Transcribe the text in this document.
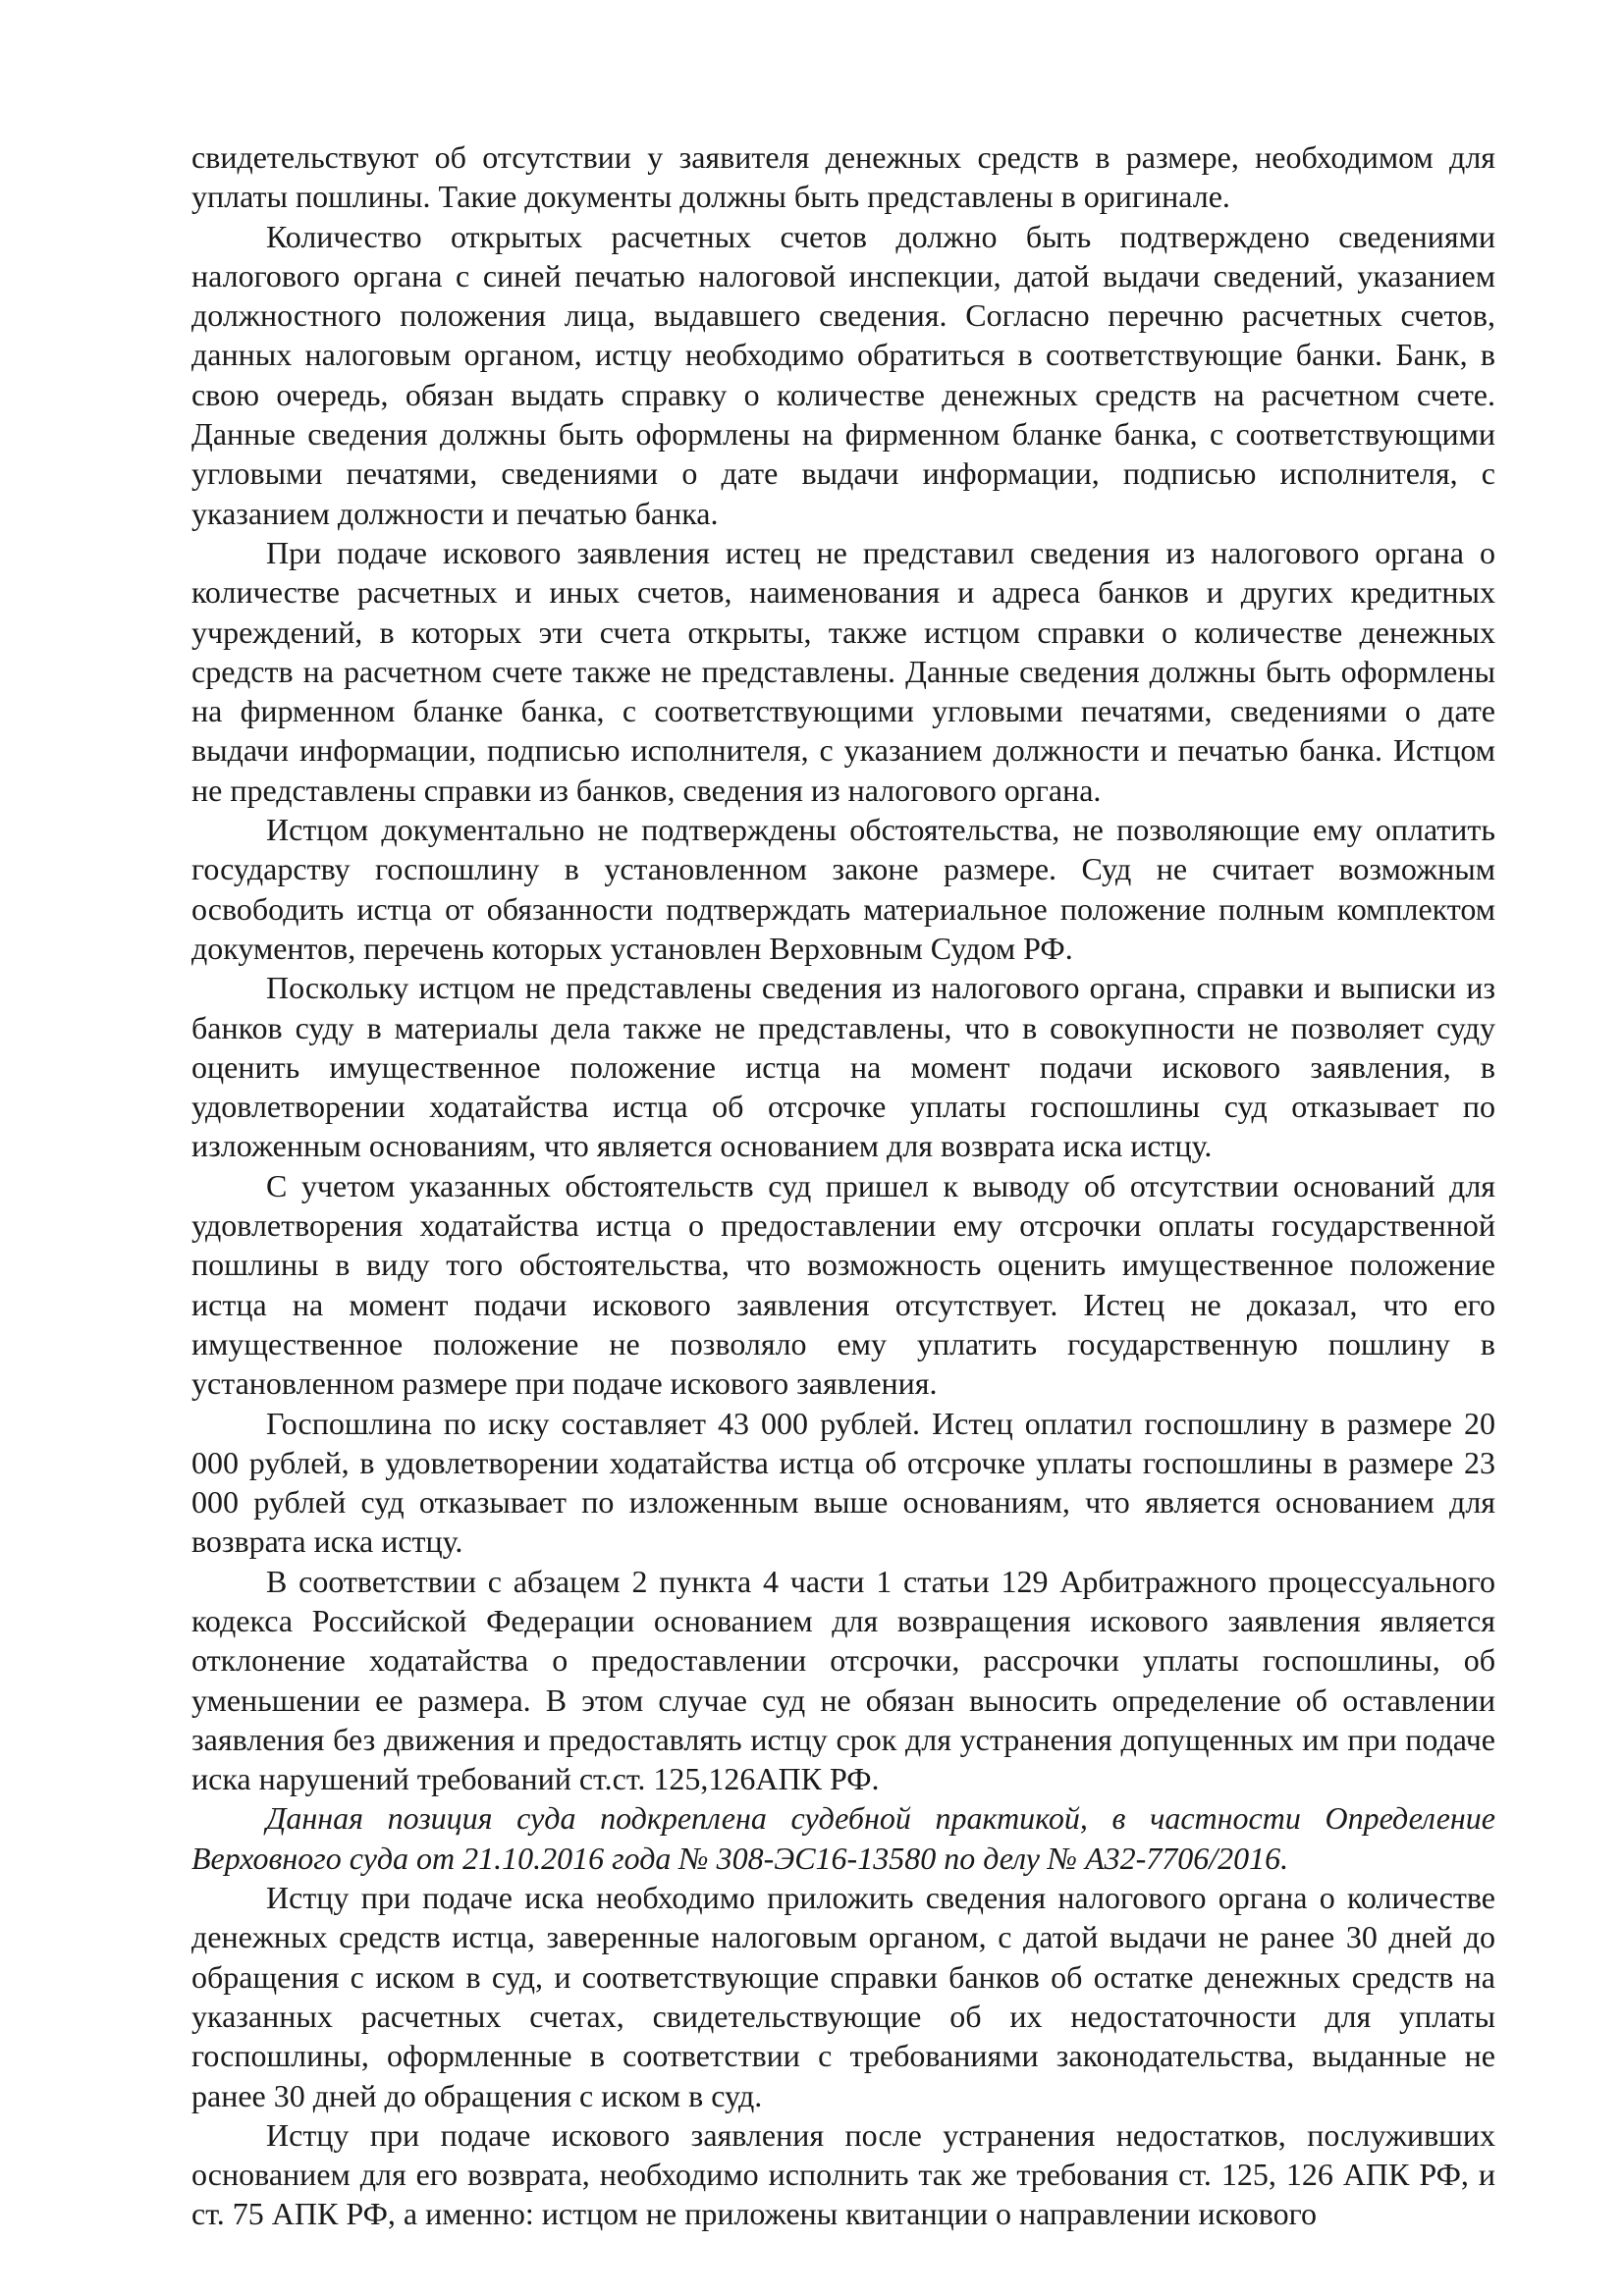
свидетельствуют об отсутствии у заявителя денежных средств в размере, необходимом для уплаты пошлины. Такие документы должны быть представлены в оригинале.

Количество открытых расчетных счетов должно быть подтверждено сведениями налогового органа с синей печатью налоговой инспекции, датой выдачи сведений, указанием должностного положения лица, выдавшего сведения. Согласно перечню расчетных счетов, данных налоговым органом, истцу необходимо обратиться в соответствующие банки. Банк, в свою очередь, обязан выдать справку о количестве денежных средств на расчетном счете. Данные сведения должны быть оформлены на фирменном бланке банка, с соответствующими угловыми печатями, сведениями о дате выдачи информации, подписью исполнителя, с указанием должности и печатью банка.

При подаче искового заявления истец не представил сведения из налогового органа о количестве расчетных и иных счетов, наименования и адреса банков и других кредитных учреждений, в которых эти счета открыты, также истцом справки о количестве денежных средств на расчетном счете также не представлены. Данные сведения должны быть оформлены на фирменном бланке банка, с соответствующими угловыми печатями, сведениями о дате выдачи информации, подписью исполнителя, с указанием должности и печатью банка. Истцом не представлены справки из банков, сведения из налогового органа.

Истцом документально не подтверждены обстоятельства, не позволяющие ему оплатить государству госпошлину в установленном законе размере. Суд не считает возможным освободить истца от обязанности подтверждать материальное положение полным комплектом документов, перечень которых установлен Верховным Судом РФ.

Поскольку истцом не представлены сведения из налогового органа, справки и выписки из банков суду в материалы дела также не представлены, что в совокупности не позволяет суду оценить имущественное положение истца на момент подачи искового заявления, в удовлетворении ходатайства истца об отсрочке уплаты госпошлины суд отказывает по изложенным основаниям, что является основанием для возврата иска истцу.

С учетом указанных обстоятельств суд пришел к выводу об отсутствии оснований для удовлетворения ходатайства истца о предоставлении ему отсрочки оплаты государственной пошлины в виду того обстоятельства, что возможность оценить имущественное положение истца на момент подачи искового заявления отсутствует. Истец не доказал, что его имущественное положение не позволяло ему уплатить государственную пошлину в установленном размере при подаче искового заявления.

Госпошлина по иску составляет 43 000 рублей. Истец оплатил госпошлину в размере 20 000 рублей, в удовлетворении ходатайства истца об отсрочке уплаты госпошлины в размере 23 000 рублей суд отказывает по изложенным выше основаниям, что является основанием для возврата иска истцу.

В соответствии с абзацем 2 пункта 4 части 1 статьи 129 Арбитражного процессуального кодекса Российской Федерации основанием для возвращения искового заявления является отклонение ходатайства о предоставлении отсрочки, рассрочки уплаты госпошлины, об уменьшении ее размера. В этом случае суд не обязан выносить определение об оставлении заявления без движения и предоставлять истцу срок для устранения допущенных им при подаче иска нарушений требований ст.ст. 125,126АПК РФ.

Данная позиция суда подкреплена судебной практикой, в частности Определение Верховного суда от 21.10.2016 года № 308-ЭС16-13580 по делу № А32-7706/2016.

Истцу при подаче иска необходимо приложить сведения налогового органа о количестве денежных средств истца, заверенные налоговым органом, с датой выдачи не ранее 30 дней до обращения с иском в суд, и соответствующие справки банков об остатке денежных средств на указанных расчетных счетах, свидетельствующие об их недостаточности для уплаты госпошлины, оформленные в соответствии с требованиями законодательства, выданные не ранее 30 дней до обращения с иском в суд.

Истцу при подаче искового заявления после устранения недостатков, послуживших основанием для его возврата, необходимо исполнить так же требования ст. 125, 126 АПК РФ, и ст. 75 АПК РФ, а именно: истцом не приложены квитанции о направлении искового
